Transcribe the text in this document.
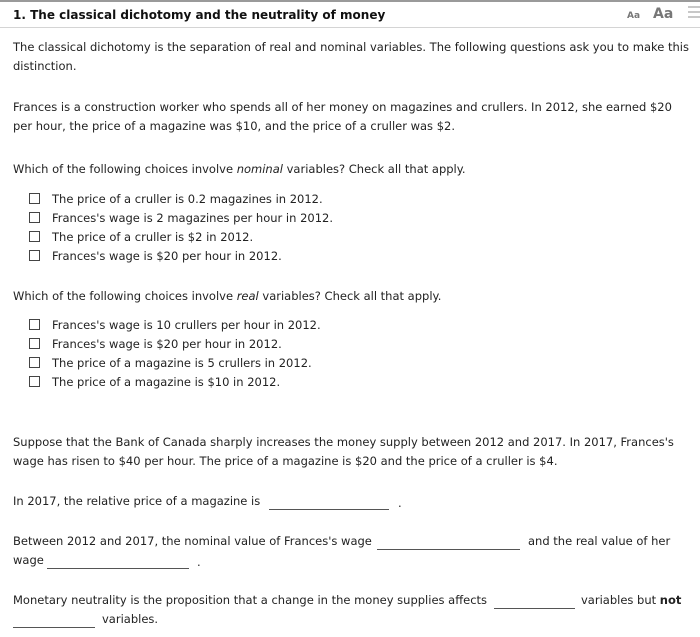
1. The classical dichotomy and the neutrality of money	Aa Aa
The classical dichotomy is the separation of real and nominal variables. The following questions ask you to make this
distinction.
Frances is a construction worker who spends all of her money on magazines and crullers. In 2012, she earned $20
per hour, the price of a magazine was $10, and the price of a cruller was $2.
Which of the following choices involve nominal variables? Check all that apply.
The price of a cruller is 0.2 magazines in 2012.
Frances's wage is 2 magazines per hour in 2012.
The price of a cruller is $2 in 2012.
Frances's wage is $20 per hour in 2012.
Which of the following choices involve real variables? Check all that apply.
Frances's wage is 10 crullers per hour in 2012.
Frances's wage is $20 per hour in 2012.
The price of a magazine is 5 crullers in 2012.
The price of a magazine is $10 in 2012.
Suppose that the Bank of Canada sharply increases the money supply between 2012 and 2017. In 2017, Frances's
wage has risen to $40 per hour. The price of a magazine is $20 and the price of a cruller is $4.
In 2017, the relative price of a magazine is	.
Between 2012 and 2017, the nominal value of Frances's wage	and the real value of her
wage	.
Monetary neutrality is the proposition that a change in the money supplies affects	variables but not
variables.
